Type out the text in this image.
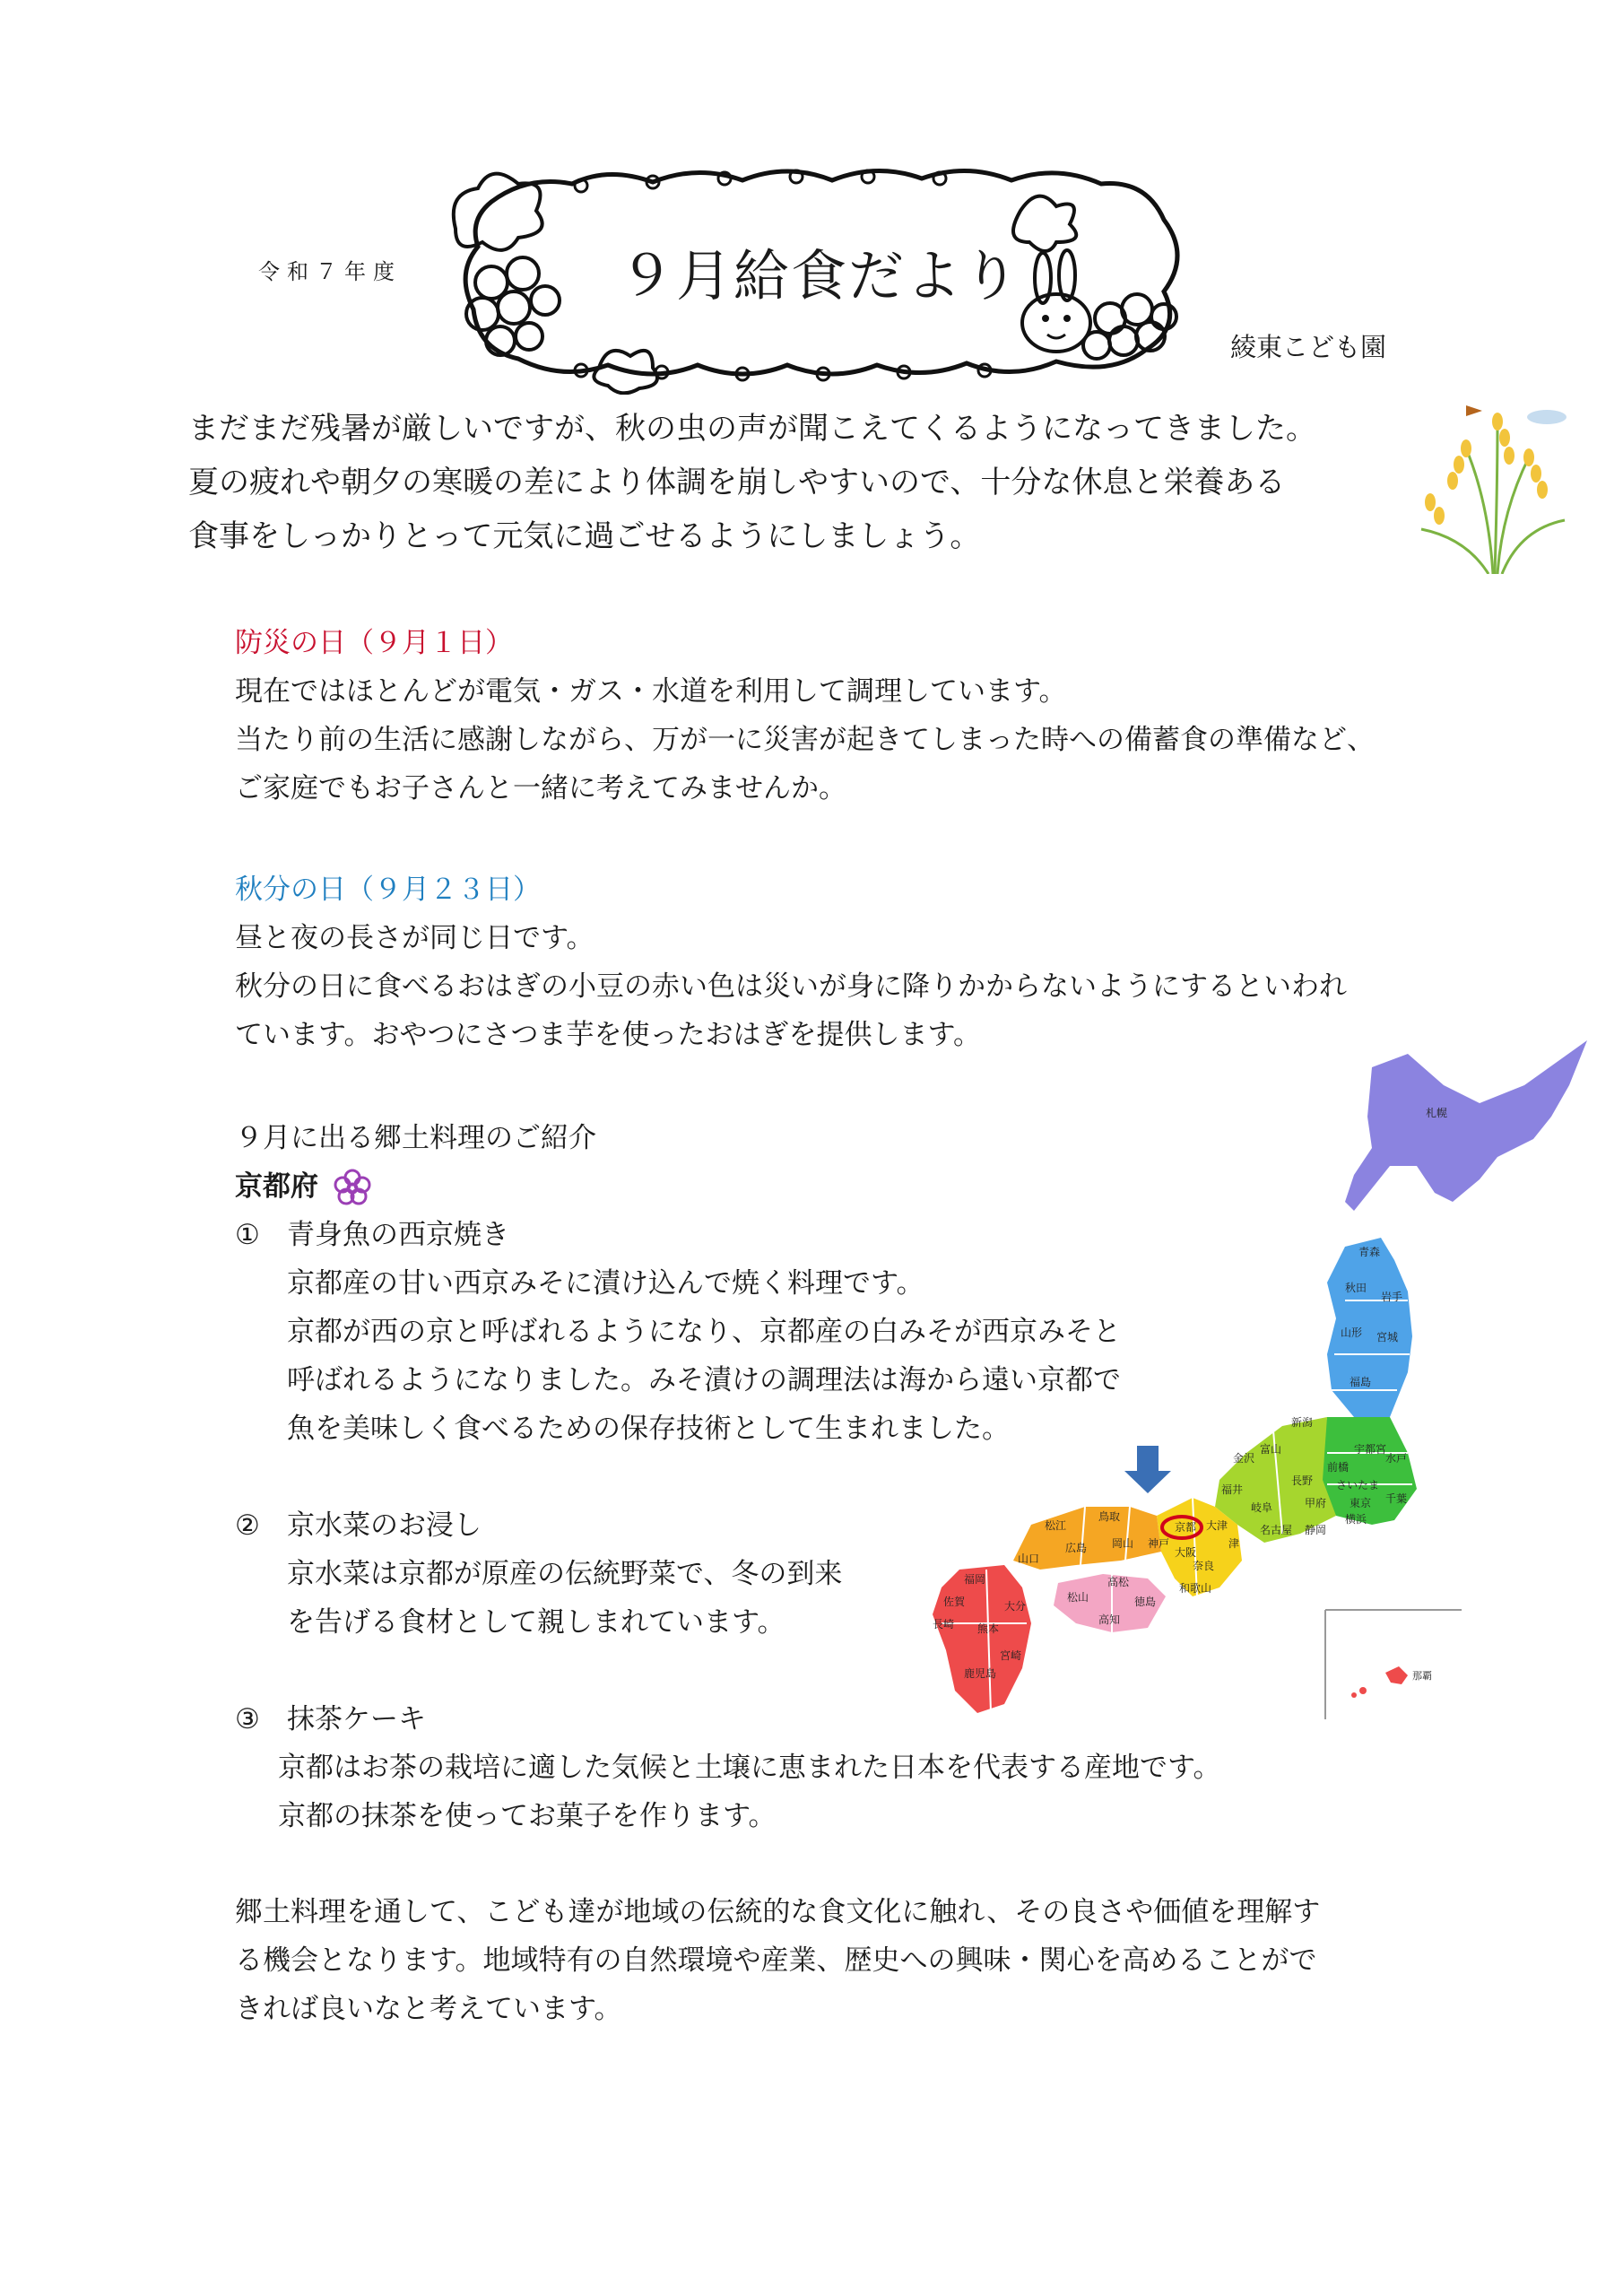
令和７年度	９月給食だより
綾東こども園
まだまだ残暑が厳しいですが、秋の虫の声が聞こえてくるようになってきました。
夏の疲れや朝夕の寒暖の差により体調を崩しやすいので、十分な休息と栄養ある
食事をしっかりとって元気に過ごせるようにしましょう。
防災の日（９月１日）
現在ではほとんどが電気・ガス・水道を利用して調理しています。
当たり前の生活に感謝しながら、万が一に災害が起きてしまった時への備蓄食の準備など、
ご家庭でもお子さんと一緒に考えてみませんか。
秋分の日（９月２３日）
昼と夜の長さが同じ日です。
秋分の日に食べるおはぎの小豆の赤い色は災いが身に降りかからないようにするといわれ
ています。おやつにさつま芋を使ったおはぎを提供します。
９月に出る郷土料理のご紹介
京都府
① 青身魚の西京焼き
京都産の甘い西京みそに漬け込んで焼く料理です。
京都が西の京と呼ばれるようになり、京都産の白みそが西京みそと
呼ばれるようになりました。みそ漬けの調理法は海から遠い京都で
魚を美味しく食べるための保存技術として生まれました。
② 京水菜のお浸し
京水菜は京都が原産の伝統野菜で、冬の到来
を告げる食材として親しまれています。
③ 抹茶ケーキ
京都はお茶の栽培に適した気候と土壌に恵まれた日本を代表する産地です。
京都の抹茶を使ってお菓子を作ります。
札幌
青森
秋田
岩手
山形 宮城
新潟
福島
富山
金沢
福井
長野
前橋
宇都宮
水戸
さいたま
東京 千葉
横浜
甲府
静岡
名古屋
岐阜
津
大津
京都
大阪
奈良
和歌山
神戸
鳥取
岡山
松江
広島
山口
徳島
高松
松山
高知
福岡
佐賀
長崎 熊本
大分
宮崎
鹿児島	那覇
郷土料理を通して、こども達が地域の伝統的な食文化に触れ、その良さや価値を理解す
る機会となります。地域特有の自然環境や産業、歴史への興味・関心を高めることがで
きれば良いなと考えています。
